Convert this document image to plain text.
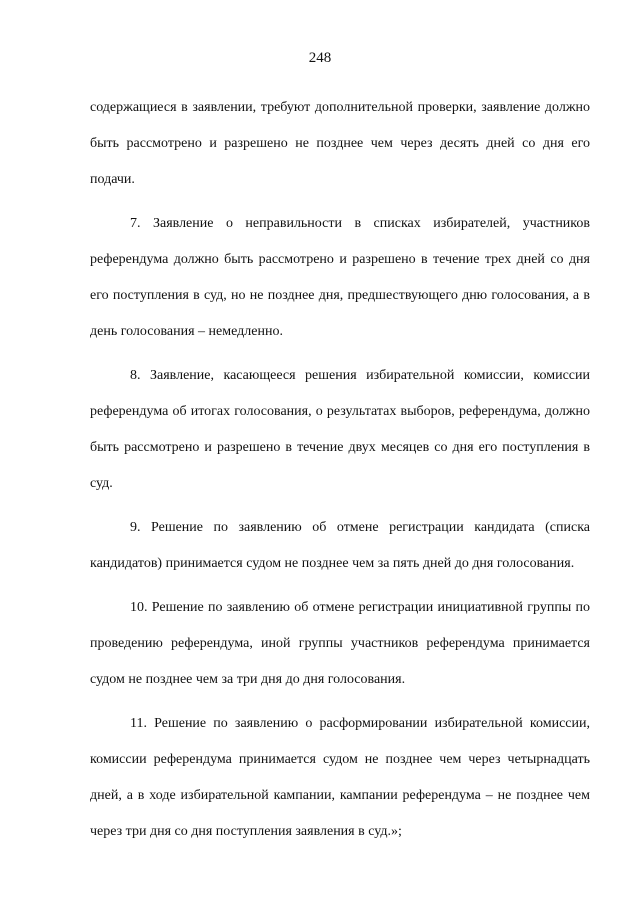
248

содержащиеся в заявлении, требуют дополнительной проверки, заявление должно быть рассмотрено и разрешено не позднее чем через десять дней со дня его подачи.

7. Заявление о неправильности в списках избирателей, участников референдума должно быть рассмотрено и разрешено в течение трех дней со дня его поступления в суд, но не позднее дня, предшествующего дню голосования, а в день голосования – немедленно.

8. Заявление, касающееся решения избирательной комиссии, комиссии референдума об итогах голосования, о результатах выборов, референдума, должно быть рассмотрено и разрешено в течение двух месяцев со дня его поступления в суд.

9. Решение по заявлению об отмене регистрации кандидата (списка кандидатов) принимается судом не позднее чем за пять дней до дня голосования.

10. Решение по заявлению об отмене регистрации инициативной группы по проведению референдума, иной группы участников референдума принимается судом не позднее чем за три дня до дня голосования.

11. Решение по заявлению о расформировании избирательной комиссии, комиссии референдума принимается судом не позднее чем через четырнадцать дней, а в ходе избирательной кампании, кампании референдума – не позднее чем через три дня со дня поступления заявления в суд.»;
